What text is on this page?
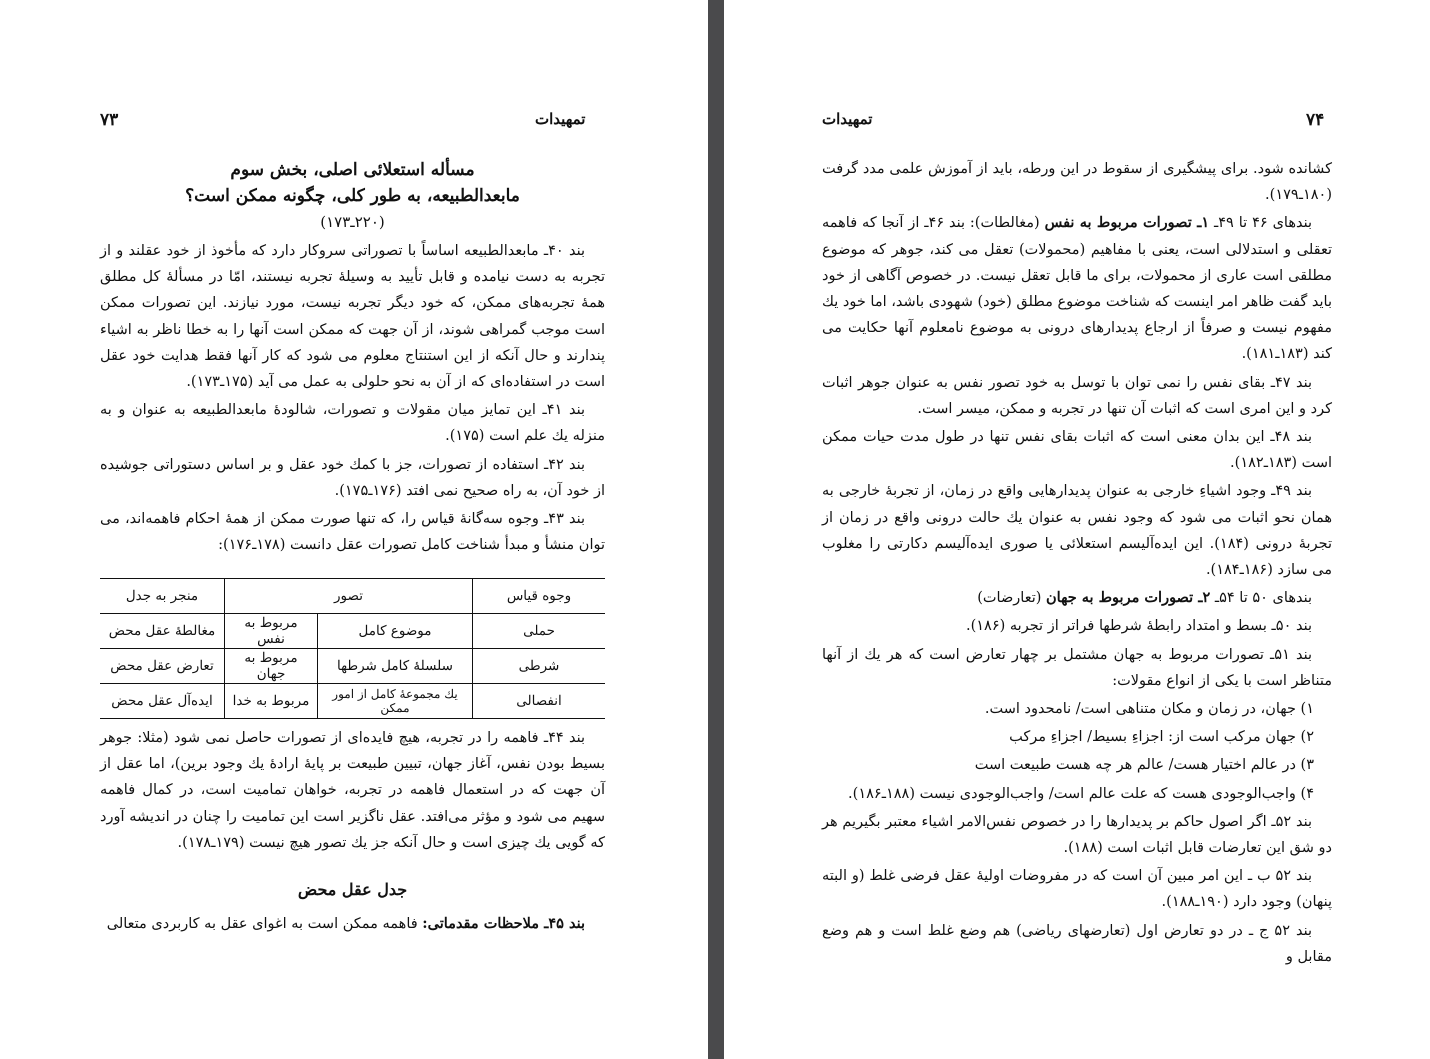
تمهیدات
۷۳
مسأله استعلائی اصلی، بخش سوم
مابعدالطبیعه، به طور کلی، چگونه ممکن است؟
(۲۲۰ـ۱۷۳)

بند ۴۰ـ مابعدالطبیعه اساساً با تصوراتی سروکار دارد که مأخوذ از خود عقلند و از تجربه به دست نیامده و قابل تأیید به وسیلهٔ تجربه نیستند، امّا در مسألهٔ کل مطلق همهٔ تجربه‌های ممکن، که خود دیگر تجربه نیست، مورد نیازند. این تصورات ممکن است موجب گمراهی شوند، از آن جهت که ممکن است آنها را به خطا ناظر به اشیاء پندارند و حال آنکه از این استنتاج معلوم می شود که کار آنها فقط هدایت خود عقل است در استفاده‌ای که از آن به نحو حلولی به عمل می آید (۱۷۵ـ۱۷۳).

بند ۴۱ـ این تمایز میان مقولات و تصورات، شالودهٔ مابعدالطبیعه به عنوان و به منزله یك علم است (۱۷۵).

بند ۴۲ـ استفاده از تصورات، جز با کمك خود عقل و بر اساس دستوراتی جوشیده از خود آن، به راه صحیح نمی افتد (۱۷۶ـ۱۷۵).

بند ۴۳ـ وجوه سه‌گانهٔ قیاس را، که تنها صورت ممکن از همهٔ احکام فاهمه‌اند، می توان منشأ و مبدأ شناخت کامل تصورات عقل دانست (۱۷۸ـ۱۷۶):

وجوه قیاس	تصور		منجر به جدل
حملی	موضوع کامل	مربوط به نفس	مغالطهٔ عقل محض
شرطی	سلسلهٔ کامل شرطها	مربوط به جهان	تعارض عقل محض
انفصالی	یك مجموعهٔ کامل از امور ممکن	مربوط به خدا	ایده‌آل عقل محض

بند ۴۴ـ فاهمه را در تجربه، هیچ فایده‌ای از تصورات حاصل نمی شود (مثلا: جوهر بسیط بودن نفس، آغاز جهان، تبیین طبیعت بر پایهٔ ارادهٔ یك وجود برین)، اما عقل از آن جهت که در استعمال فاهمه در تجربه، خواهان تمامیت است، در کمال فاهمه سهیم می شود و مؤثر می‌افتد. عقل ناگزیر است این تمامیت را چنان در اندیشه آورد که گویی یك چیزی است و حال آنکه جز یك تصور هیچ نیست (۱۷۹ـ۱۷۸).

جدل عقل محض

بند ۴۵ـ ملاحظات مقدماتی: فاهمه ممکن است به اغوای عقل به کاربردی متعالی

تمهیدات	۷۴

کشانده شود. برای پیشگیری از سقوط در این ورطه، باید از آموزش علمی مدد گرفت (۱۸۰ـ۱۷۹).

بندهای ۴۶ تا ۴۹ـ ۱ـ تصورات مربوط به نفس (مغالطات): بند ۴۶ـ از آنجا که فاهمه تعقلی و استدلالی است، یعنی با مفاهیم (محمولات) تعقل می کند، جوهر که موضوع مطلقی است عاری از محمولات، برای ما قابل تعقل نیست. در خصوص آگاهی از خود باید گفت ظاهر امر اینست که شناخت موضوع مطلق (خود) شهودی باشد، اما خود یك مفهوم نیست و صرفاً از ارجاع پدیدارهای درونی به موضوع نامعلوم آنها حکایت می کند (۱۸۳ـ۱۸۱).

بند ۴۷ـ بقای نفس را نمی توان با توسل به خود تصور نفس به عنوان جوهر اثبات کرد و این امری است که اثبات آن تنها در تجربه و ممکن، میسر است.

بند ۴۸ـ این بدان معنی است که اثبات بقای نفس تنها در طول مدت حیات ممکن است (۱۸۳ـ۱۸۲).

بند ۴۹ـ وجود اشیاءِ خارجی به عنوان پدیدارهایی واقع در زمان، از تجربهٔ خارجی به همان نحو اثبات می شود که وجود نفس به عنوان یك حالت درونی واقع در زمان از تجربهٔ درونی (۱۸۴). این ایده‌آلیسم استعلائی یا صوری ایده‌آلیسم دکارتی را مغلوب می سازد (۱۸۶ـ۱۸۴).

بندهای ۵۰ تا ۵۴ـ ۲ـ تصورات مربوط به جهان (تعارضات)

بند ۵۰ـ بسط و امتداد رابطهٔ شرطها فراتر از تجربه (۱۸۶).

بند ۵۱ـ تصورات مربوط به جهان مشتمل بر چهار تعارض است که هر یك از آنها متناظر است با یکی از انواع مقولات:

۱) جهان، در زمان و مکان متناهی است/ نامحدود است.

۲) جهان مرکب است از: اجزاءِ بسیط/ اجزاءِ مرکب

۳) در عالم اختیار هست/ عالم هر چه هست طبیعت است

۴) واجب‌الوجودی هست که علت عالم است/ واجب‌الوجودی نیست (۱۸۸ـ۱۸۶).

بند ۵۲ـ اگر اصول حاکم بر پدیدارها را در خصوص نفس‌الامر اشیاء معتبر بگیریم هر دو شق این تعارضات قابل اثبات است (۱۸۸).

بند ۵۲ ب ـ این امر مبین آن است که در مفروضات اولیهٔ عقل فرضی غلط (و البته پنهان) وجود دارد (۱۹۰ـ۱۸۸).

بند ۵۲ ج ـ در دو تعارض اول (تعارضهای ریاضی) هم وضع غلط است و هم وضع مقابل و
